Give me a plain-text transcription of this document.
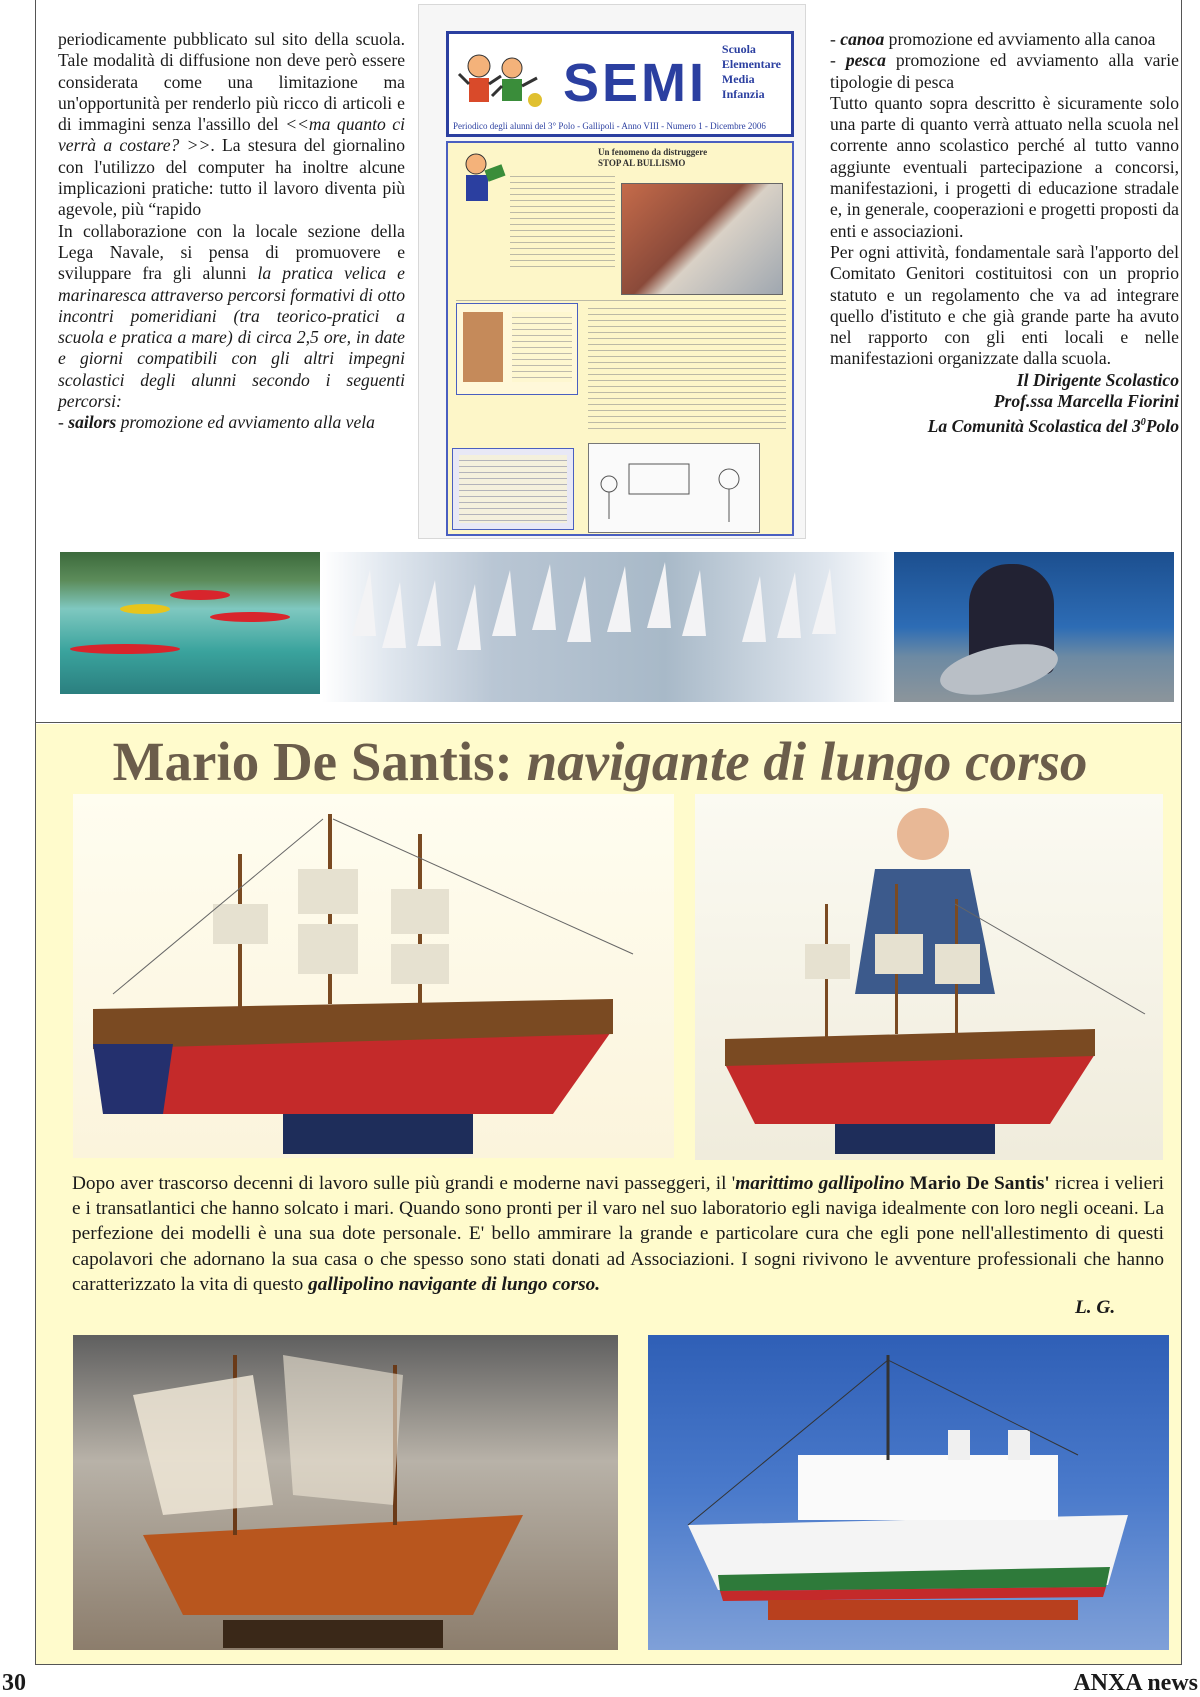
periodicamente pubblicato sul sito della scuola. Tale modalità di diffusione non deve però essere considerata come una limitazione ma un'opportunità per renderlo più ricco di articoli e di immagini senza l'assillo del <<ma quanto ci verrà a costare? >>. La stesura del giornalino con l'utilizzo del computer ha inoltre alcune implicazioni pratiche: tutto il lavoro diventa più agevole, più “rapido

In collaborazione con la locale sezione della Lega Navale, si pensa di promuovere e sviluppare fra gli alunni la pratica velica e marinaresca attraverso percorsi formativi di otto incontri pomeridiani (tra teorico-pratici a scuola e pratica a mare) di circa 2,5 ore, in date e giorni compatibili con gli altri impegni scolastici degli alunni secondo i seguenti percorsi:

- sailors promozione ed avviamento alla vela

SEMI
Scuola
Elementare
Media
Infanzia
Periodico degli alunni del 3° Polo - Gallipoli - Anno VIII - Numero 1 - Dicembre 2006
Un fenomeno da distruggere
STOP AL BULLISMO

- canoa promozione ed avviamento alla canoa

- pesca promozione ed avviamento alla varie tipologie di pesca

Tutto quanto sopra descritto è sicuramente solo una parte di quanto verrà attuato nella scuola nel corrente anno scolastico perché al tutto vanno aggiunte eventuali partecipazione a concorsi, manifestazioni, i progetti di educazione stradale e, in generale, cooperazioni e progetti proposti da enti e associazioni.

Per ogni attività, fondamentale sarà l'apporto del Comitato Genitori costituitosi con un proprio statuto e un regolamento che va ad integrare quello d'istituto e che già grande parte ha avuto nel rapporto con gli enti locali e nelle manifestazioni organizzate dalla scuola.

Il Dirigente Scolastico

Prof.ssa Marcella Fiorini

La Comunità Scolastica del $3^0Polo$

Mario De Santis: navigante di lungo corso
Dopo aver trascorso decenni di lavoro sulle più grandi e moderne navi passeggeri, il 'marittimo gallipolino Mario De Santis' ricrea i velieri e i transatlantici che hanno solcato i mari. Quando sono pronti per il varo nel suo laboratorio egli naviga idealmente con loro negli oceani. La perfezione dei modelli è una sua dote personale. E' bello ammirare la grande e particolare cura che egli pone nell'allestimento di questi capolavori che adornano la sua casa o che spesso sono stati donati ad Associazioni. I sogni rivivono le avventure professionali che hanno caratterizzato la vita di questo gallipolino navigante di lungo corso.
L. G.
30	ANXA news
